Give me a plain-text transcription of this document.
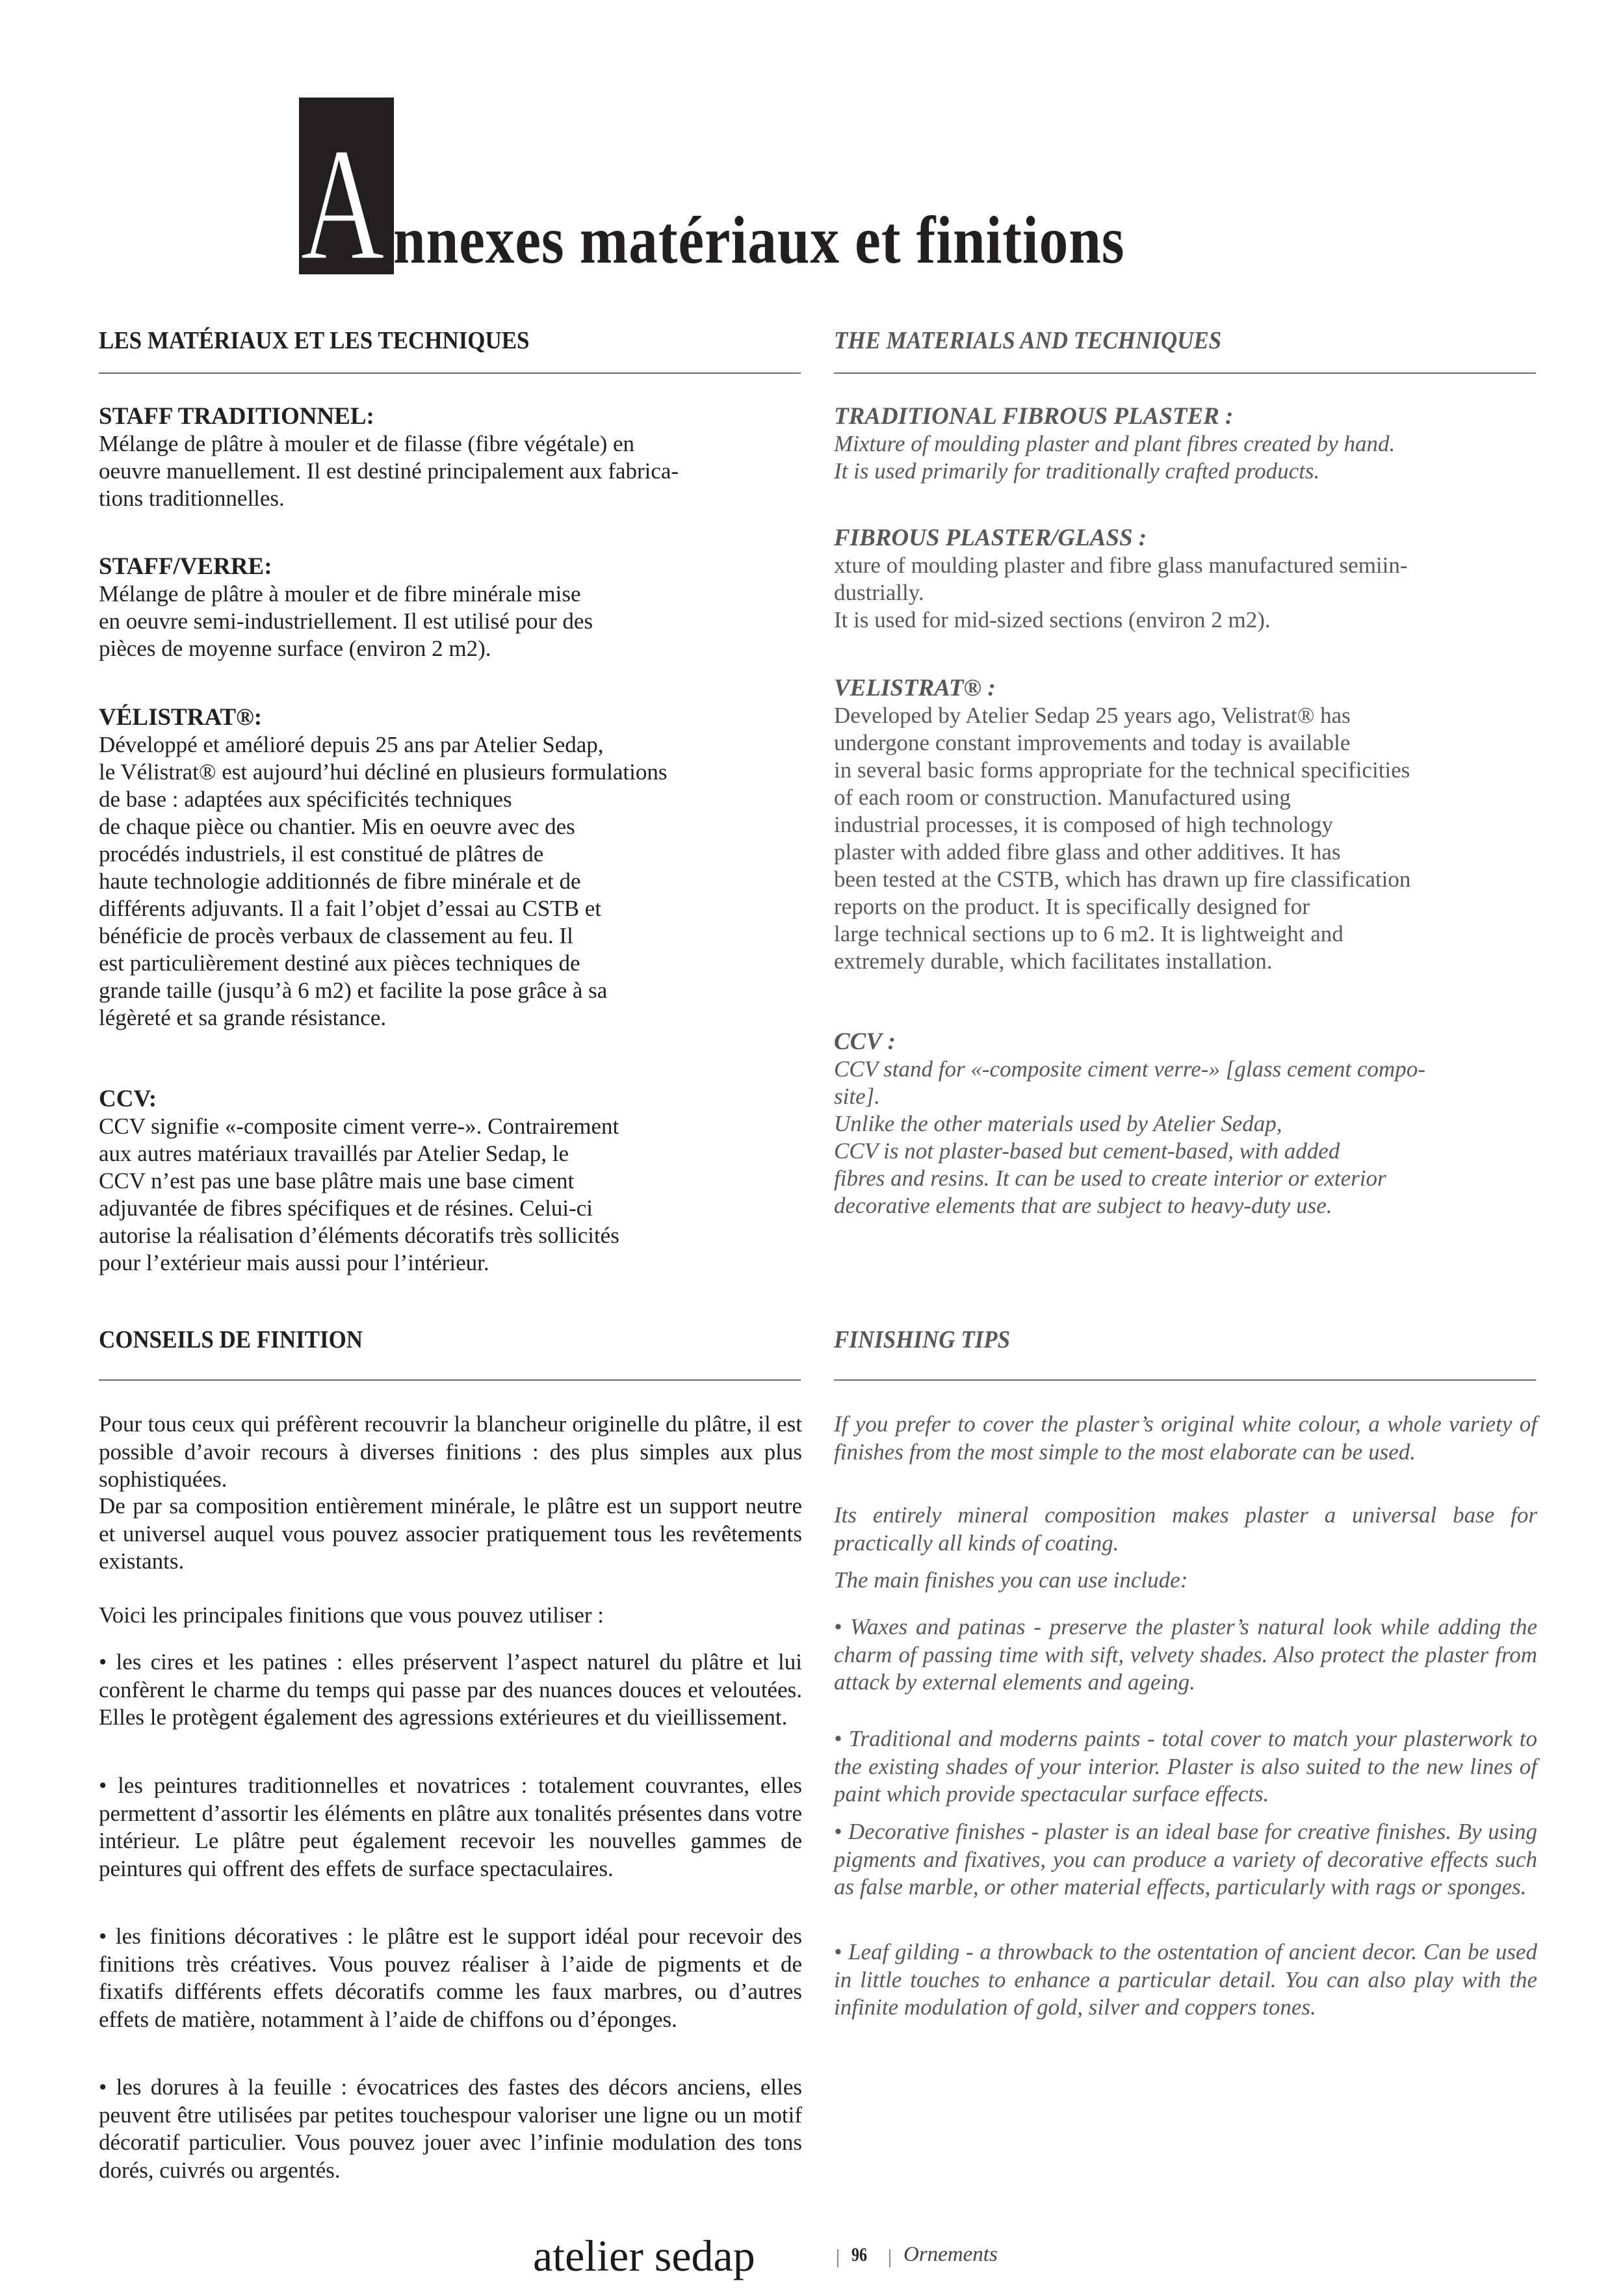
A nnexes matériaux et finitions
LES MATÉRIAUX ET LES TECHNIQUES
STAFF TRADITIONNEL:
Mélange de plâtre à mouler et de filasse (fibre végétale) en
oeuvre manuellement. Il est destiné principalement aux fabrica-
tions traditionnelles.
STAFF/VERRE:
Mélange de plâtre à mouler et de fibre minérale mise
en oeuvre semi-industriellement. Il est utilisé pour des
pièces de moyenne surface (environ 2 m2).
VÉLISTRAT®:
Développé et amélioré depuis 25 ans par Atelier Sedap,
le Vélistrat® est aujourd’hui décliné en plusieurs formulations
de base : adaptées aux spécificités techniques
de chaque pièce ou chantier. Mis en oeuvre avec des
procédés industriels, il est constitué de plâtres de
haute technologie additionnés de fibre minérale et de
différents adjuvants. Il a fait l’objet d’essai au CSTB et
bénéficie de procès verbaux de classement au feu. Il
est particulièrement destiné aux pièces techniques de
grande taille (jusqu’à 6 m2) et facilite la pose grâce à sa
légèreté et sa grande résistance.
CCV:
CCV signifie «-composite ciment verre-». Contrairement
aux autres matériaux travaillés par Atelier Sedap, le
CCV n’est pas une base plâtre mais une base ciment
adjuvantée de fibres spécifiques et de résines. Celui-ci
autorise la réalisation d’éléments décoratifs très sollicités
pour l’extérieur mais aussi pour l’intérieur.
THE MATERIALS AND TECHNIQUES
TRADITIONAL FIBROUS PLASTER :
Mixture of moulding plaster and plant fibres created by hand.
It is used primarily for traditionally crafted products.
FIBROUS PLASTER/GLASS :
xture of moulding plaster and fibre glass manufactured semiin-
dustrially.
It is used for mid-sized sections (environ 2 m2).
VELISTRAT® :
Developed by Atelier Sedap 25 years ago, Velistrat® has
undergone constant improvements and today is available
in several basic forms appropriate for the technical specificities
of each room or construction. Manufactured using
industrial processes, it is composed of high technology
plaster with added fibre glass and other additives. It has
been tested at the CSTB, which has drawn up fire classification
reports on the product. It is specifically designed for
large technical sections up to 6 m2. It is lightweight and
extremely durable, which facilitates installation.
CCV :
CCV stand for «-composite ciment verre-» [glass cement compo-
site].
Unlike the other materials used by Atelier Sedap,
CCV is not plaster-based but cement-based, with added
fibres and resins. It can be used to create interior or exterior
decorative elements that are subject to heavy-duty use.
CONSEILS DE FINITION
Pour tous ceux qui préfèrent recouvrir la blancheur originelle du plâtre, il est possible d’avoir recours à diverses finitions : des plus simples aux plus sophistiquées.
De par sa composition entièrement minérale, le plâtre est un support neutre et universel auquel vous pouvez associer pratiquement tous les revêtements existants.
Voici les principales finitions que vous pouvez utiliser :
• les cires et les patines : elles préservent l’aspect naturel du plâtre et lui confèrent le charme du temps qui passe par des nuances douces et veloutées. Elles le protègent également des agressions extérieures et du vieillissement.
• les peintures traditionnelles et novatrices : totalement couvrantes, elles permettent d’assortir les éléments en plâtre aux tonalités présentes dans votre intérieur. Le plâtre peut également recevoir les nouvelles gammes de peintures qui offrent des effets de surface spectaculaires.
• les finitions décoratives : le plâtre est le support idéal pour recevoir des finitions très créatives. Vous pouvez réaliser à l’aide de pigments et de fixatifs différents effets décoratifs comme les faux marbres, ou d’autres effets de matière, notamment à l’aide de chiffons ou d’éponges.
• les dorures à la feuille : évocatrices des fastes des décors anciens, elles peuvent être utilisées par petites touchespour valoriser une ligne ou un motif décoratif particulier. Vous pouvez jouer avec l’infinie modulation des tons dorés, cuivrés ou argentés.
FINISHING TIPS
If you prefer to cover the plaster’s original white colour, a whole variety of finishes from the most simple to the most elaborate can be used.
Its entirely mineral composition makes plaster a universal base for practically all kinds of coating.
The main finishes you can use include:
• Waxes and patinas - preserve the plaster’s natural look while adding the charm of passing time with sift, velvety shades. Also protect the plaster from attack by external elements and ageing.
• Traditional and moderns paints - total cover to match your plasterwork to the existing shades of your interior. Plaster is also suited to the new lines of paint which provide spectacular surface effects.
• Decorative finishes - plaster is an ideal base for creative finishes. By using pigments and fixatives, you can produce a variety of decorative effects such as false marble, or other material effects, particularly with rags or sponges.
• Leaf gilding - a throwback to the ostentation of ancient decor. Can be used in little touches to enhance a particular detail. You can also play with the infinite modulation of gold, silver and coppers tones.
atelier sedap	96 Ornements
